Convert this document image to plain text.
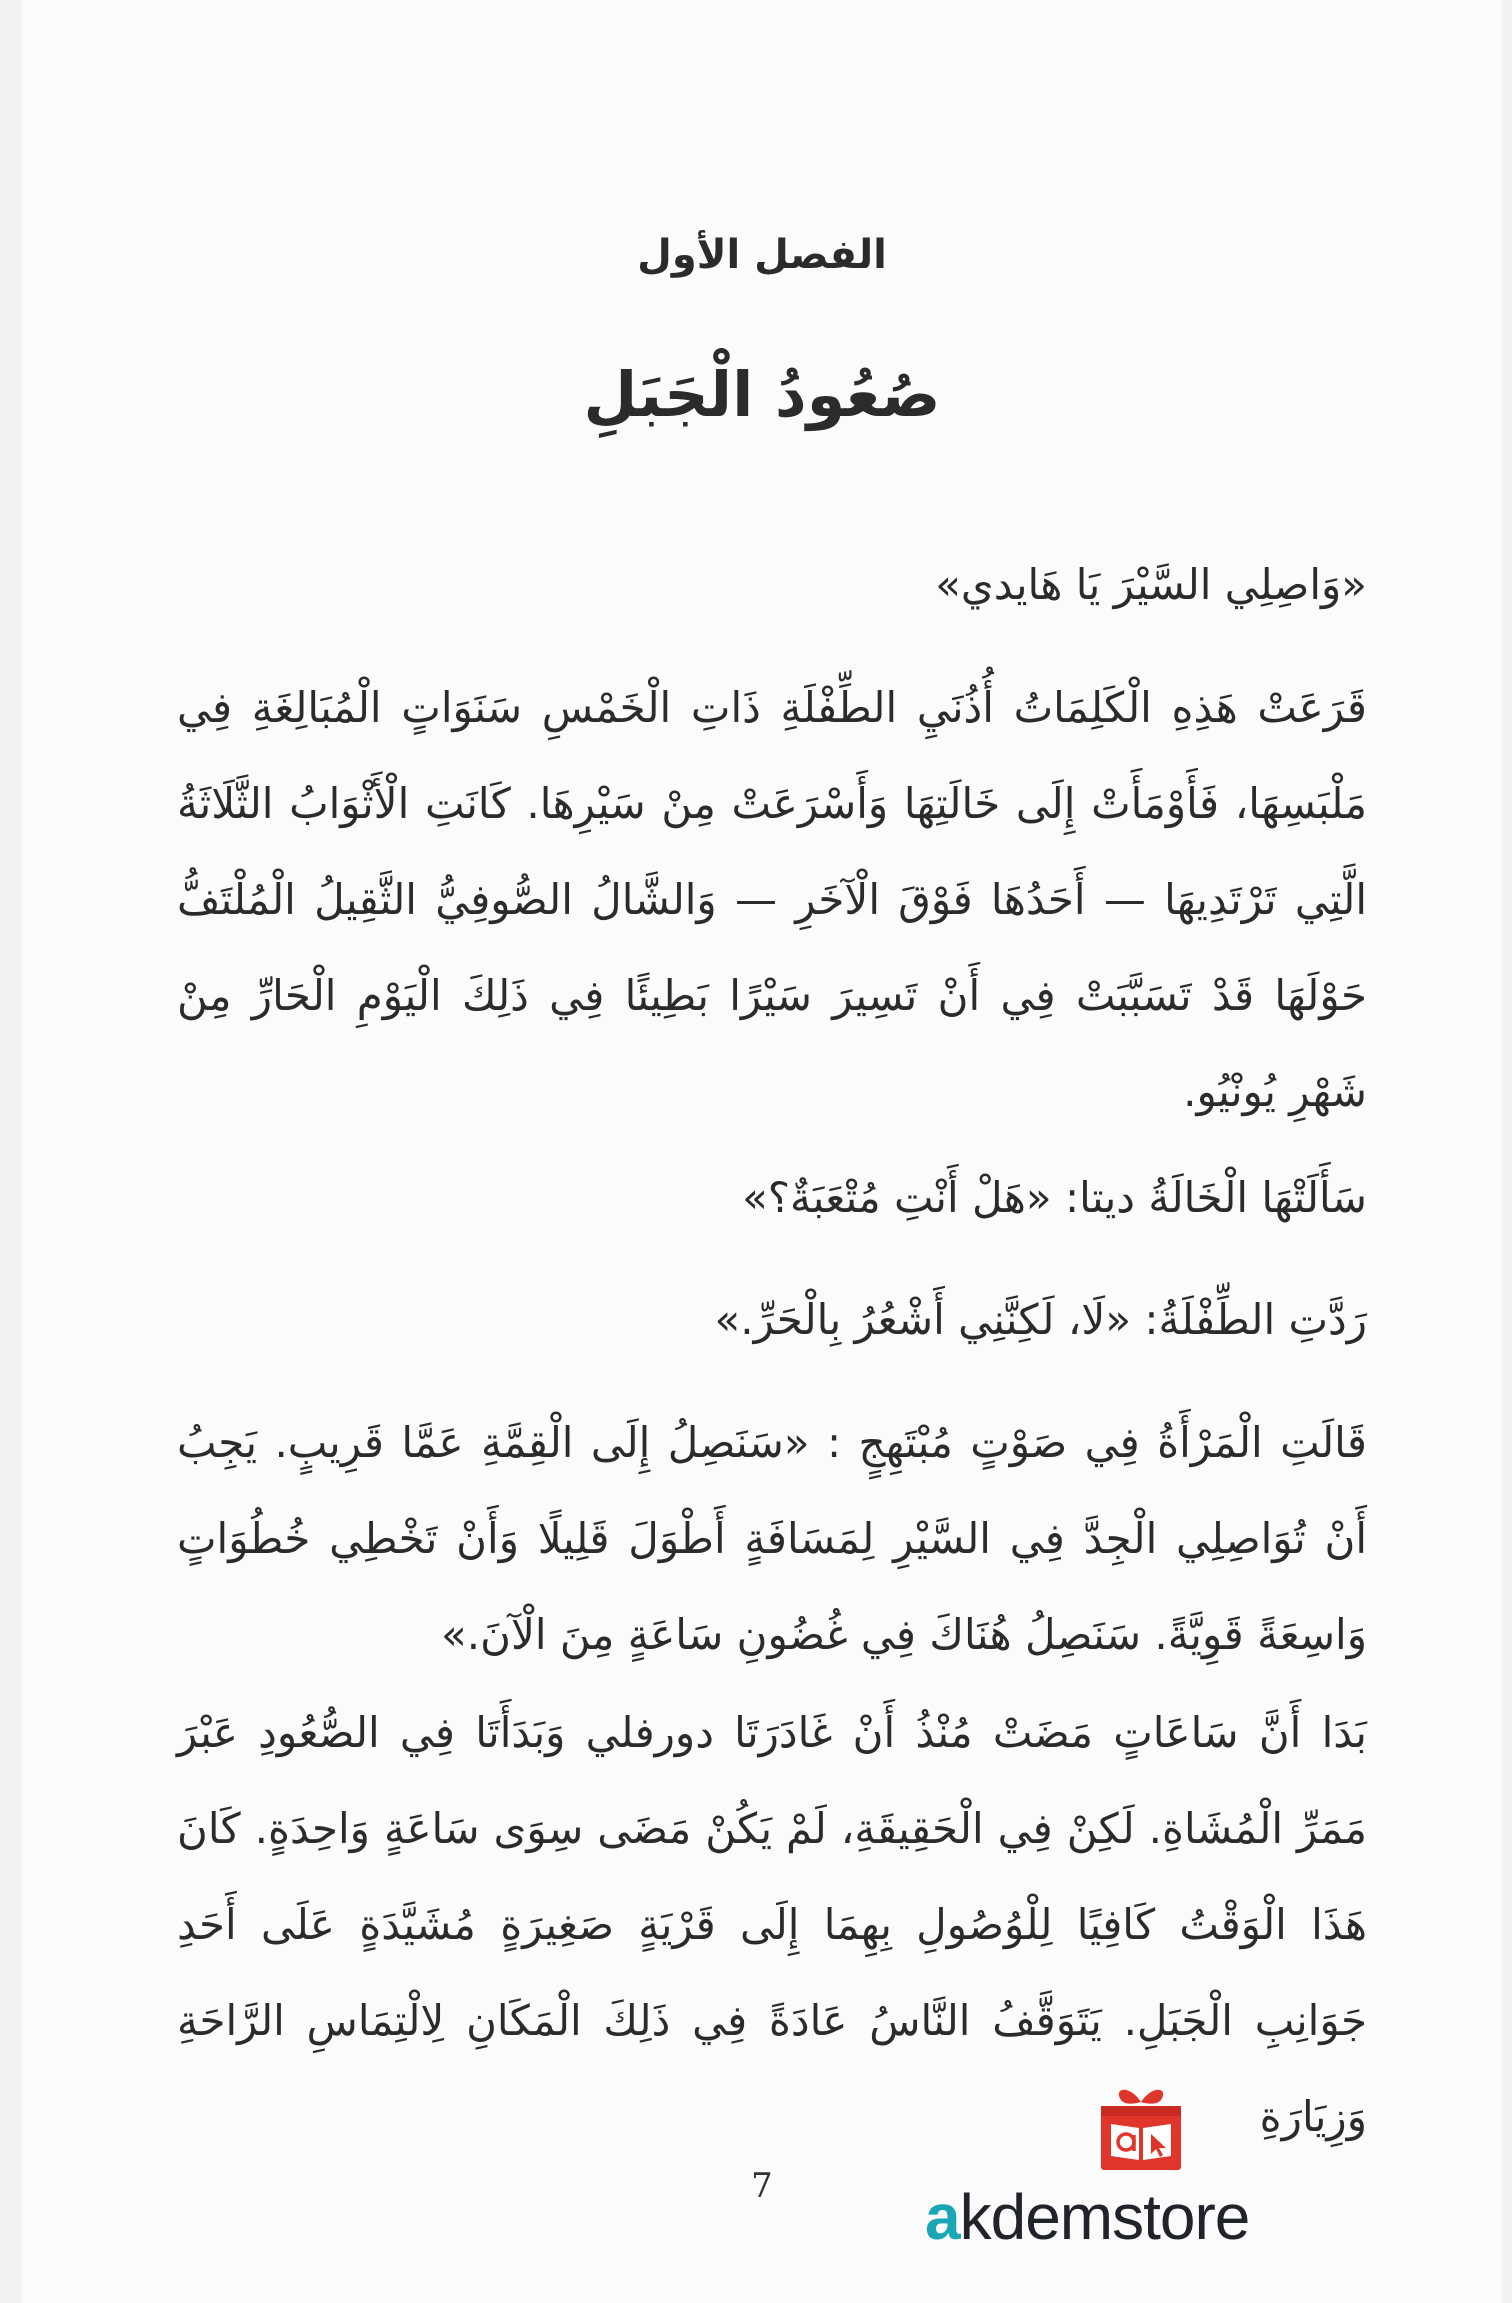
الفصل الأول
صُعُودُ الْجَبَلِ

«وَاصِلِي السَّيْرَ يَا هَايدي»

قَرَعَتْ هَذِهِ الْكَلِمَاتُ أُذُنَيِ الطِّفْلَةِ ذَاتِ الْخَمْسِ سَنَوَاتٍ الْمُبَالِغَةِ فِي مَلْبَسِهَا، فَأَوْمَأَتْ إِلَى خَالَتِهَا وَأَسْرَعَتْ مِنْ سَيْرِهَا. كَانَتِ الْأَثْوَابُ الثَّلَاثَةُ الَّتِي تَرْتَدِيهَا — أَحَدُهَا فَوْقَ الْآخَرِ — وَالشَّالُ الصُّوفِيُّ الثَّقِيلُ الْمُلْتَفُّ حَوْلَهَا قَدْ تَسَبَّبَتْ فِي أَنْ تَسِيرَ سَيْرًا بَطِيئًا فِي ذَلِكَ الْيَوْمِ الْحَارِّ مِنْ شَهْرِ يُونْيُو.

سَأَلَتْهَا الْخَالَةُ ديتا: «هَلْ أَنْتِ مُتْعَبَةٌ؟»

رَدَّتِ الطِّفْلَةُ: «لَا، لَكِنَّنِي أَشْعُرُ بِالْحَرِّ.»

قَالَتِ الْمَرْأَةُ فِي صَوْتٍ مُبْتَهِجٍ : «سَنَصِلُ إِلَى الْقِمَّةِ عَمَّا قَرِيبٍ. يَجِبُ أَنْ تُوَاصِلِي الْجِدَّ فِي السَّيْرِ لِمَسَافَةٍ أَطْوَلَ قَلِيلًا وَأَنْ تَخْطِي خُطُوَاتٍ وَاسِعَةً قَوِيَّةً. سَنَصِلُ هُنَاكَ فِي غُضُونِ سَاعَةٍ مِنَ الْآنَ.»

بَدَا أَنَّ سَاعَاتٍ مَضَتْ مُنْذُ أَنْ غَادَرَتَا دورفلي وَبَدَأَتَا فِي الصُّعُودِ عَبْرَ مَمَرِّ الْمُشَاةِ. لَكِنْ فِي الْحَقِيقَةِ، لَمْ يَكُنْ مَضَى سِوَى سَاعَةٍ وَاحِدَةٍ. كَانَ هَذَا الْوَقْتُ كَافِيًا لِلْوُصُولِ بِهِمَا إِلَى قَرْيَةٍ صَغِيرَةٍ مُشَيَّدَةٍ عَلَى أَحَدِ جَوَانِبِ الْجَبَلِ. يَتَوَقَّفُ النَّاسُ عَادَةً فِي ذَلِكَ الْمَكَانِ لِالْتِمَاسِ الرَّاحَةِ وَزِيَارَةِ

7	akdemstore
